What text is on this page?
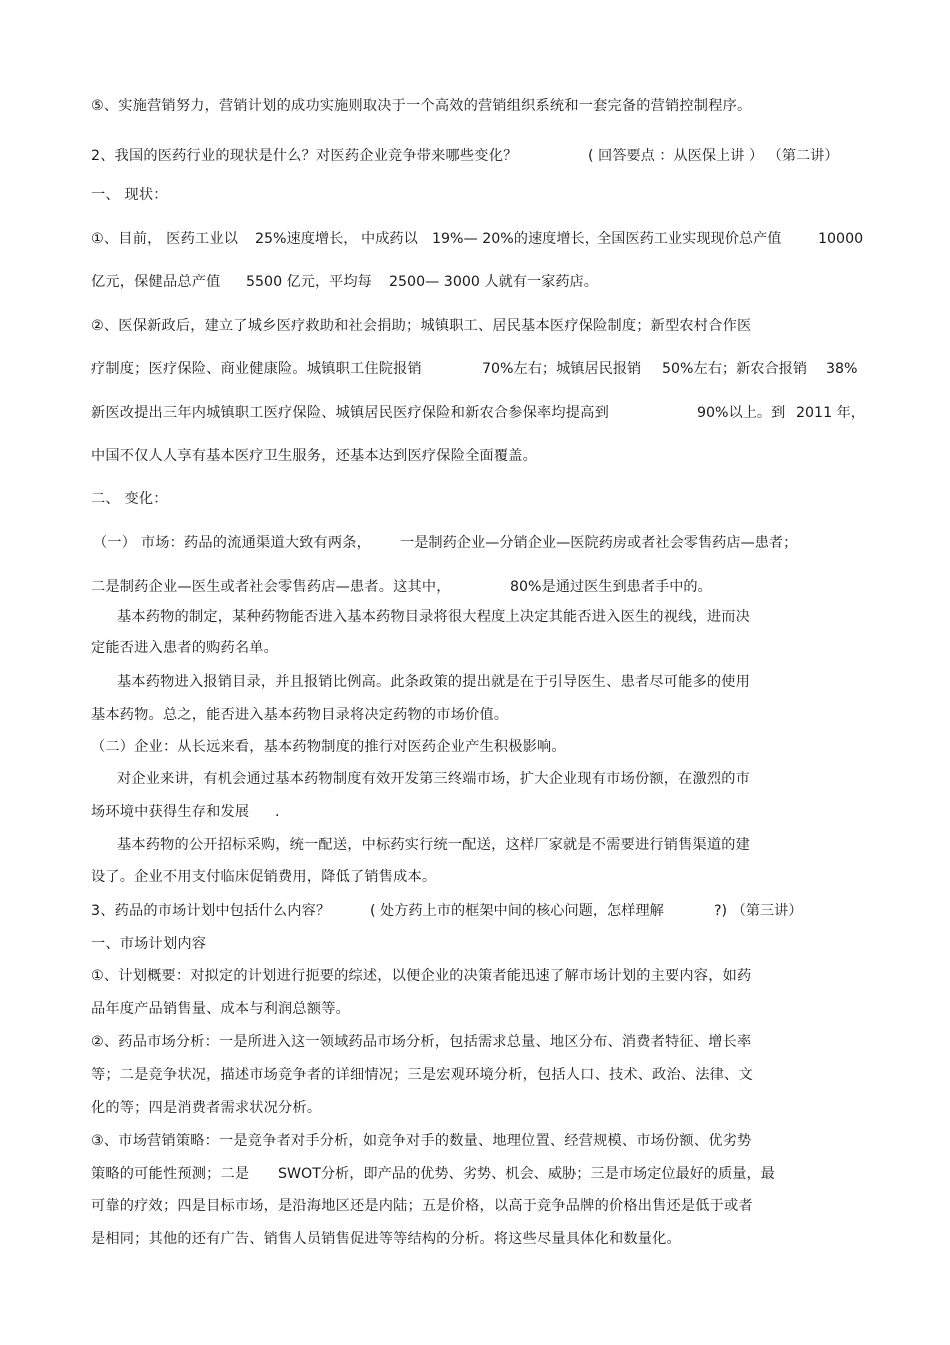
⑤、实施营销努力，营销计划的成功实施则取决于一个高效的营销组织系统和一套完备的营销控制程序。
2、我国的医药行业的现状是什么？对医药企业竞争带来哪些变化？	( 回答要点 ：从医保上讲 ） （第二讲）
一、 现状：
①、目前， 医药工业以 25%速度增长， 中成药以 19%— 20%的速度增长，
全国医药工业实现现价总产值	10000
亿元，保健品总产值 5500 亿元，平均每 2500— 3000 人就有一家药店。
②、医保新政后，建立了城乡医疗救助和社会捐助；城镇职工、居民基本医疗保险制度；新型农村合作医
疗制度；医疗保险、商业健康险。城镇职工住院报销	70%左右；城镇居民报销 50%左右；新农合报销 38%
新医改提出三年内城镇职工医疗保险、城镇居民医疗保险和新农合参保率均提高到	90%以上。到 2011 年，
中国不仅人人享有基本医疗卫生服务，还基本达到医疗保险全面覆盖。
二、 变化：
（一） 市场：药品的流通渠道大致有两条， 一是制药企业—分销企业—医院药房或者社会零售药店—患者；
二是制药企业—医生或者社会零售药店—患者。这其中，	80%是通过医生到患者手中的。
基本药物的制定，某种药物能否进入基本药物目录将很大程度上决定其能否进入医生的视线，进而决
定能否进入患者的购药名单。
基本药物进入报销目录，并且报销比例高。此条政策的提出就是在于引导医生、患者尽可能多的使用
基本药物。总之，能否进入基本药物目录将决定药物的市场价值。
（二）企业：从长远来看，基本药物制度的推行对医药企业产生积极影响。
对企业来讲，有机会通过基本药物制度有效开发第三终端市场，扩大企业现有市场份额，在激烈的市
场环境中获得生存和发展 .
基本药物的公开招标采购，统一配送，中标药实行统一配送，这样厂家就是不需要进行销售渠道的建
设了。企业不用支付临床促销费用，降低了销售成本。
3、药品的市场计划中包括什么内容？	( 处方药上市的框架中间的核心问题，怎样理解	?) （第三讲）
一、市场计划内容
①、计划概要：对拟定的计划进行扼要的综述，以便企业的决策者能迅速了解市场计划的主要内容，如药
品年度产品销售量、成本与利润总额等。
②、药品市场分析：一是所进入这一领域药品市场分析，包括需求总量、地区分布、消费者特征、增长率
等；二是竞争状况，描述市场竞争者的详细情况；三是宏观环境分析，包括人口、技术、政治、法律、文
化的等；四是消费者需求状况分析。
③、市场营销策略：一是竞争者对手分析，如竞争对手的数量、地理位置、经营规模、市场份额、优劣势
策略的可能性预测；二是 SWOT分析，即产品的优势、劣势、机会、威胁；三是市场定位最好的质量，最
可靠的疗效；四是目标市场，是沿海地区还是内陆；五是价格，以高于竞争品牌的价格出售还是低于或者
是相同；其他的还有广告、销售人员销售促进等等结构的分析。将这些尽量具体化和数量化。
